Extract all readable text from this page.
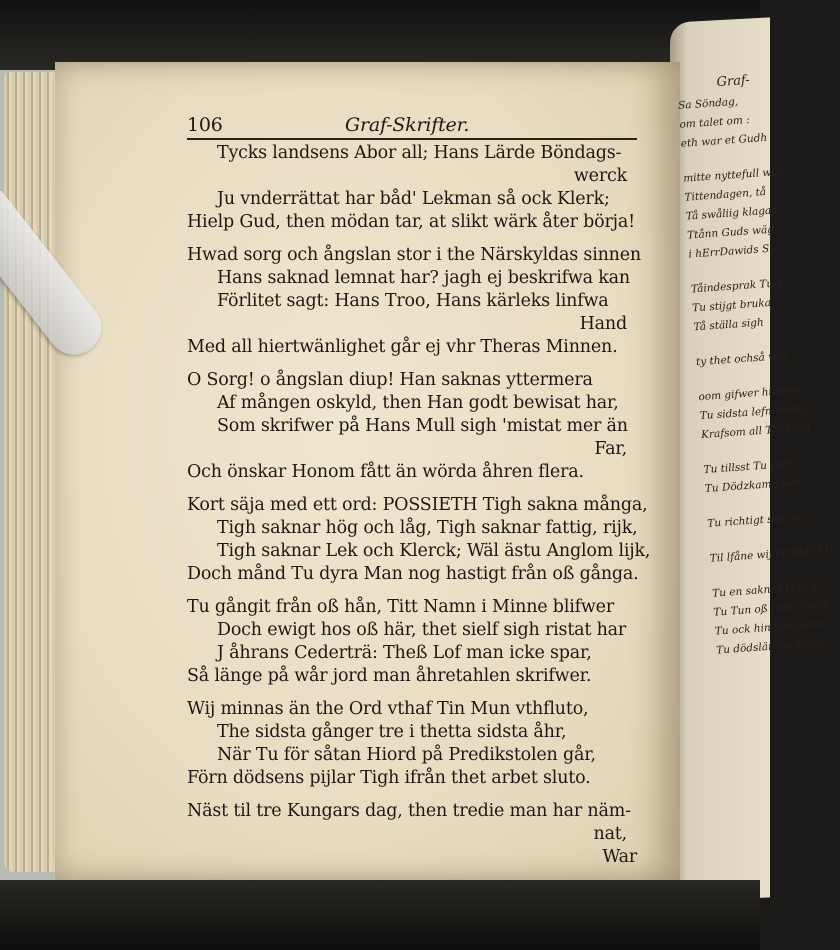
106	Graf-Skrifter.
Tycks landsens Abor all; Hans Lärde Böndags-
werck
Ju vnderrättat har båd' Lekman så ock Klerk;
Hielp Gud, then mödan tar, at slikt wärk åter börja!
Hwad sorg och ångslan stor i the Närskyldas sinnen
Hans saknad lemnat har? jagh ej beskrifwa kan
Förlitet sagt: Hans Troo, Hans kärleks linfwa
Hand
Med all hiertwänlighet går ej vhr Theras Minnen.
O Sorg! o ångslan diup! Han saknas yttermera
Af mången oskyld, then Han godt bewisat har,
Som skrifwer på Hans Mull sigh 'mistat mer än
Far,
Och önskar Honom fått än wörda åhren flera.
Kort säja med ett ord: POSSIETH Tigh sakna många,
Tigh saknar hög och låg, Tigh saknar fattig, rijk,
Tigh saknar Lek och Klerck; Wäl ästu Anglom lijk,
Doch månd Tu dyra Man nog hastigt från oß gånga.
Tu gångit från oß hån, Titt Namn i Minne blifwer
Doch ewigt hos oß här, thet sielf sigh ristat har
J åhrans Cederträ: Theß Lof man icke spar,
Så länge på wår jord man åhretahlen skrifwer.
Wij minnas än the Ord vthaf Tin Mun vthfluto,
The sidsta gånger tre i thetta sidsta åhr,
När Tu för såtan Hiord på Predikstolen går,
Förn dödsens pijlar Tigh ifrån thet arbet sluto.
Näst til tre Kungars dag, then tredie man har näm-
nat,
War
Graf-
Sa Söndag,
om talet om :
eth war et Gudh
mitte nyttefull war
Tittendagen, tå
Tå swåliig klagad
Ttånn Guds wäg
i hErrDawids S
Tåindesprak Tu g
Tu stijgt bruka
Tå ställa sigh
ty thet ochså war
oom gifwer hielpen
Tu sidsta lefnadsdag
Krafsom all Tin kraft
Tu tillsst Tu sielf
Tu Dödzkamp war
Tu richtigt säja ka
Til lfåne wij POSSIETH
Tu en saknas Han m
Tu Tun oß Han dödde
Tu ock hin bortglöm
Tu dödslärens dunst
